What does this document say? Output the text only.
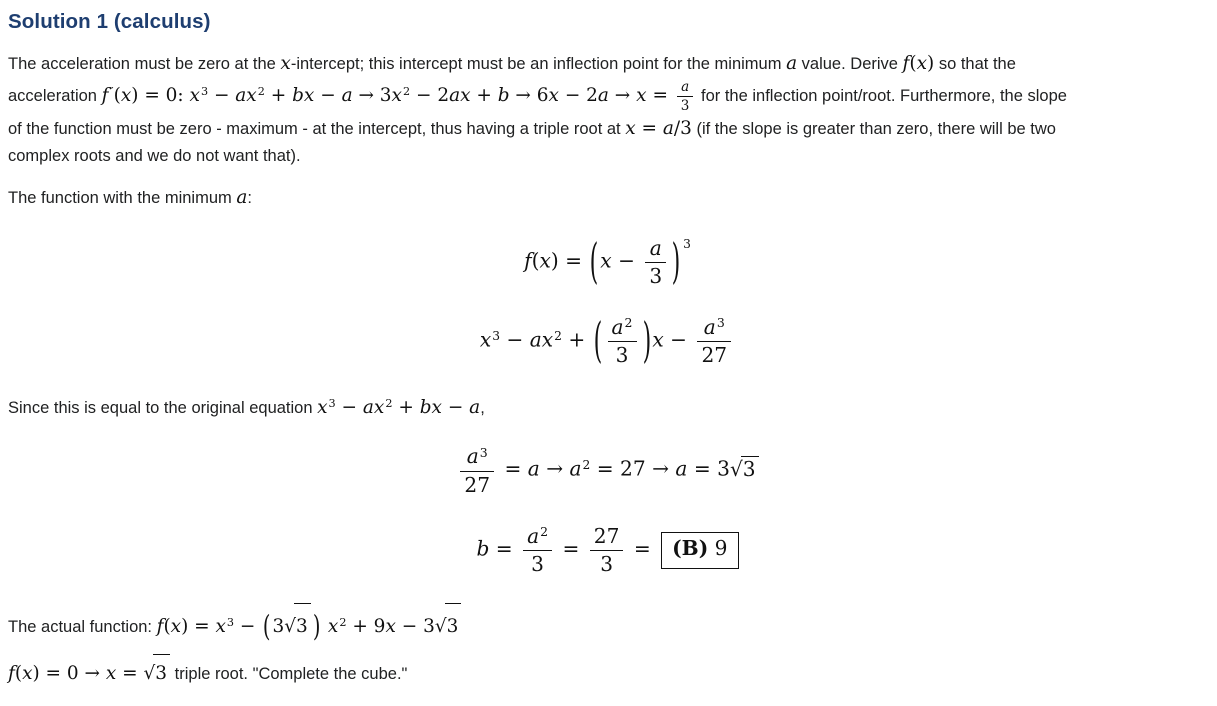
Solution 1 (calculus)
The acceleration must be zero at the x-intercept; this intercept must be an inflection point for the minimum a value. Derive f(x) so that the
acceleration f″(x) = 0: $x^3 - ax^2$ + bx − $a \to 3x^2 - 2ax + b \to 6x - 2a \to x = \frac{a}{3}$ for the inflection point/root. Furthermore, the slope
of the function must be zero - maximum - at the intercept, thus having a triple root at x = a/3 (if the slope is greater than zero, there will be two
complex roots and we do not want that).
The function with the minimum a:
$f(x) = (x - \frac{a}{3}$ ) $^3$
$x^3 - ax^2$ + ( $\frac{a^2}{3} )x - \frac{a^3}{27}$
Since this is equal to the original equation $x^3 - ax^2$ + bx − a,
$\frac{a^3}{27} = a \to a^2 = 27 \to a = 3√3$
$b = \frac{a^2}{3} = \frac{27}{3} = (B)$ 9
The actual function: $f(x) = x^3 - (3√3$ ) $x^2 + 9x - 3√3$
f(x) = 0 → x = √3 triple root. "Complete the cube."
